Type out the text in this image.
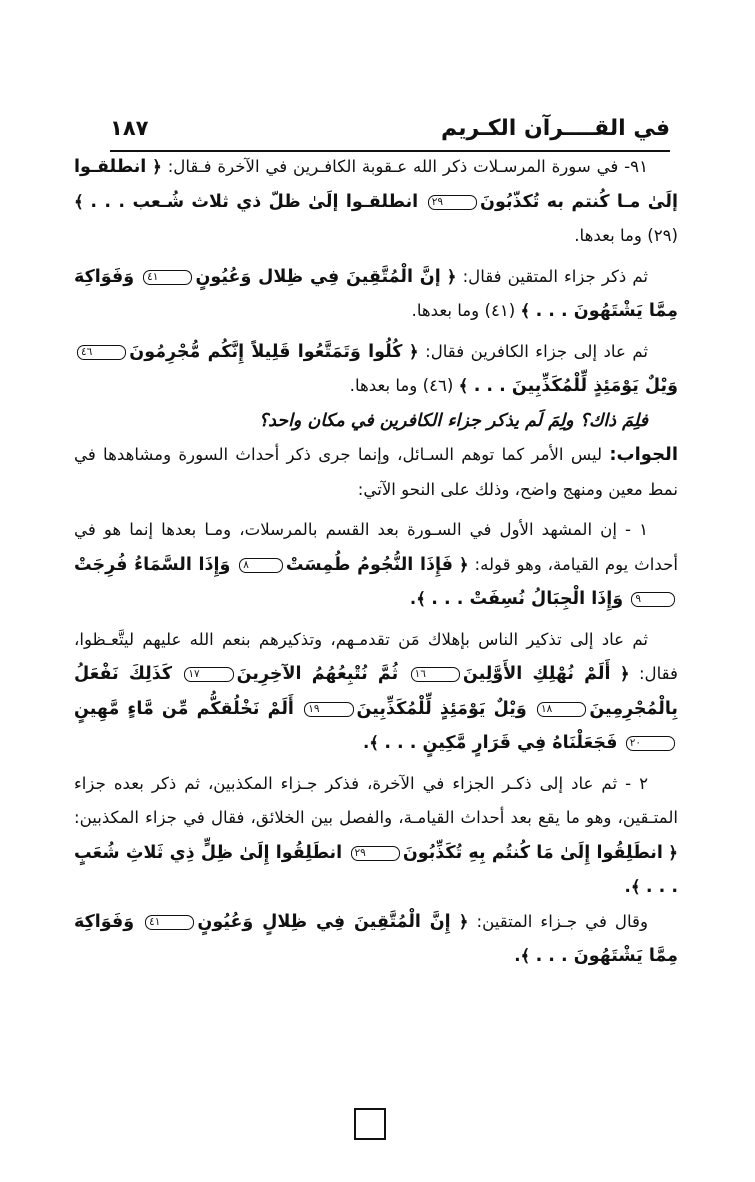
في القــــرآن الكـريم
١٨٧

٩١- في سورة المرسـلات ذكر الله عـقوبة الكافـرين في الآخرة فـقال: ﴿ انطلقـوا إلَىٰ مـا كُنتم به تُكذّبُونَ٢٩ انطلقـوا إلَىٰ ظلّ ذي ثلاث شُـعب . . . ﴾ (٢٩) وما بعدها.

ثم ذكر جزاء المتقين فقال: ﴿ إنَّ الْمُتَّقِينَ فِي ظِلال وَعُيُونٍ٤١ وَفَوَاكِهَ مِمَّا يَشْتَهُونَ . . . ﴾ (٤١) وما بعدها.

ثم عاد إلى جزاء الكافرين فقال: ﴿ كُلُوا وَتَمَتَّعُوا قَلِيلاً إِنَّكُم مُّجْرِمُونَ٤٦ وَيْلٌ يَوْمَئِذٍ لِّلْمُكَذِّبِينَ . . . ﴾ (٤٦) وما بعدها.

فلِمَ ذاك؟ ولِمَ لَم يذكر جزاء الكافرين في مكان واحد؟

الجواب: ليس الأمر كما توهم السـائل، وإنما جرى ذكر أحداث السورة ومشاهدها في نمط معين ومنهج واضح، وذلك على النحو الآتي:

١ - إن المشهد الأول في السـورة بعد القسم بالمرسلات، ومـا بعدها إنما هو في أحداث يوم القيامة، وهو قوله: ﴿ فَإِذَا النُّجُومُ طُمِسَتْ٨ وَإِذَا السَّمَاءُ فُرِجَتْ٩ وَإِذَا الْجِبَالُ نُسِفَتْ . . . ﴾.

ثم عاد إلى تذكير الناس بإهلاك مَن تقدمـهم، وتذكيرهم بنعم الله عليهم ليتَّعـظوا، فقال: ﴿ أَلَمْ نُهْلِكِ الأَوَّلِينَ١٦ ثُمَّ نُتْبِعُهُمُ الآخِرِينَ١٧ كَذَلِكَ نَفْعَلُ بِالْمُجْرِمِينَ١٨ وَيْلٌ يَوْمَئِذٍ لِّلْمُكَذِّبِينَ١٩ أَلَمْ نَخْلُقكُّم مِّن مَّاءٍ مَّهِينٍ٢٠ فَجَعَلْنَاهُ فِي قَرَارٍ مَّكِينٍ . . . ﴾.

٢ - ثم عاد إلى ذكـر الجزاء في الآخرة، فذكر جـزاء المكذبين، ثم ذكر بعده جزاء المتـقين، وهو ما يقع بعد أحداث القيامـة، والفصل بين الخلائق، فقال في جزاء المكذبين: ﴿ انطَلِقُوا إِلَىٰ مَا كُنتُم بِهِ تُكَذِّبُونَ٢٩ انطَلِقُوا إِلَىٰ ظِلٍّ ذِي ثَلاثِ شُعَبٍ . . . ﴾.

وقال في جـزاء المتقين: ﴿ إِنَّ الْمُتَّقِينَ فِي ظِلالٍ وَعُيُونٍ٤١ وَفَوَاكِهَ مِمَّا يَشْتَهُونَ . . . ﴾.
